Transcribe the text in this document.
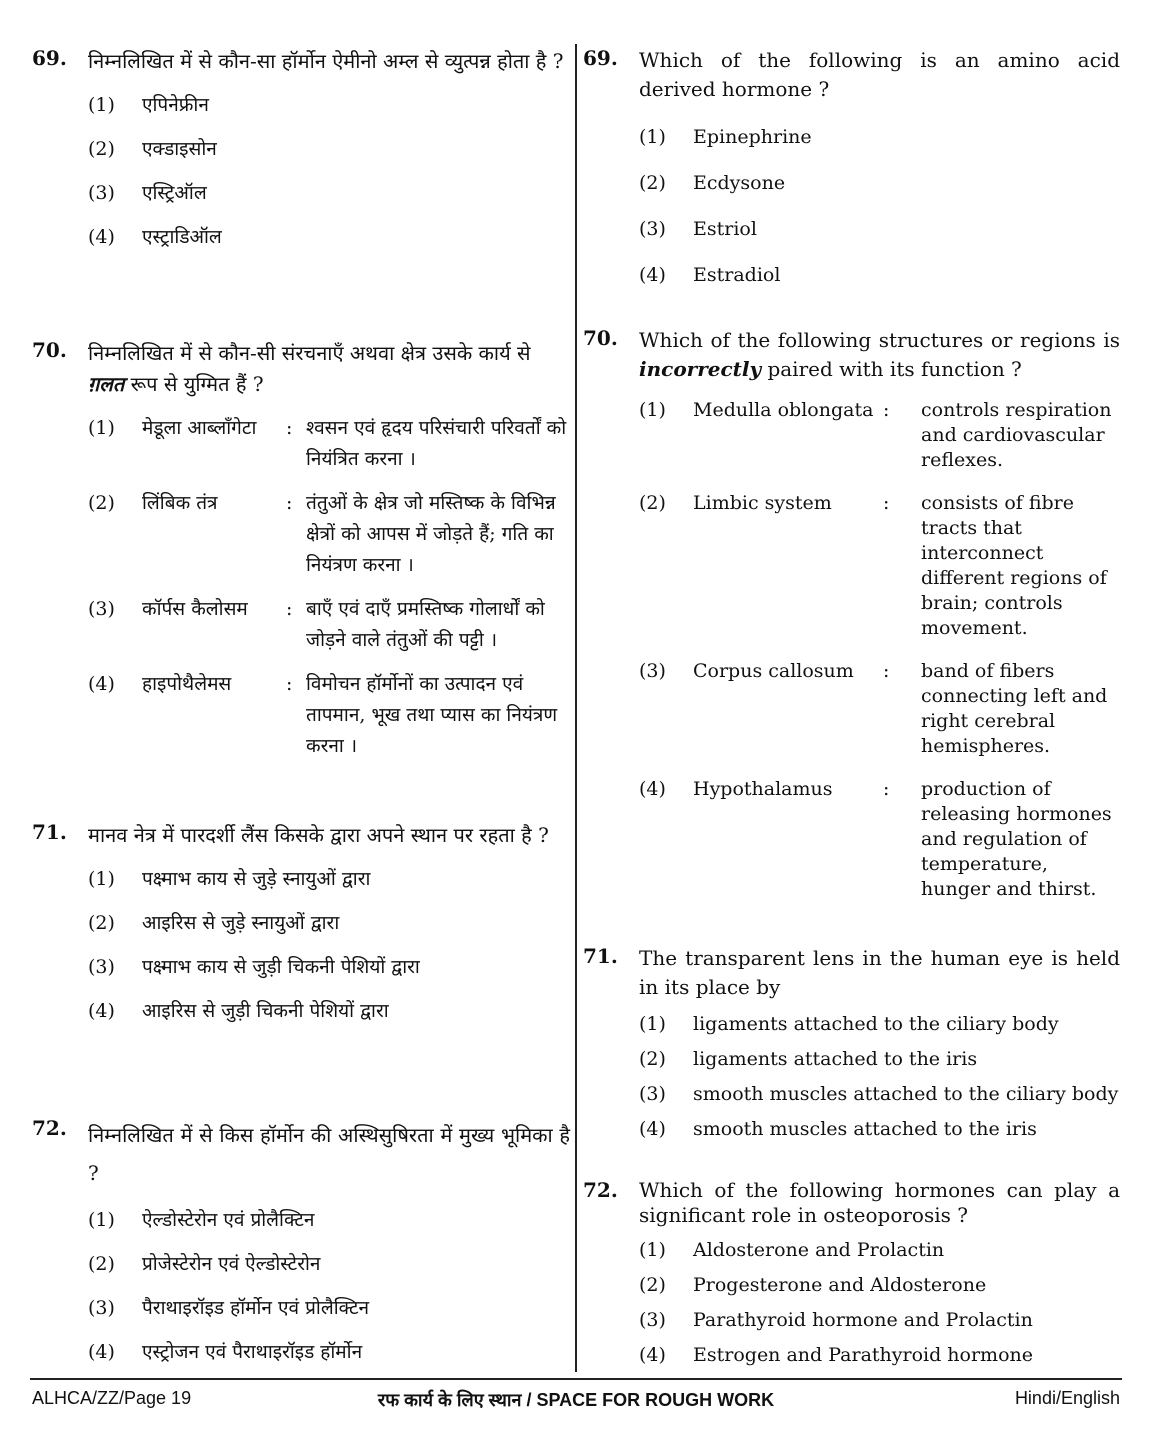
69. निम्नलिखित में से कौन-सा हॉर्मोन ऐमीनो अम्ल से व्युत्पन्न होता है ?
(1)	एपिनेफ्रीन
(2)	एक्डाइसोन
(3)	एस्ट्रिऑल
(4)	एस्ट्राडिऑल
70. निम्नलिखित में से कौन-सी संरचनाएँ अथवा क्षेत्र उसके कार्य से
ग़लत रूप से युग्मित हैं ?
(1)	मेडूला आब्लाँगेटा	: श्वसन एवं हृदय परिसंचारी परिवर्तों को नियंत्रित करना ।
(2)	लिंबिक तंत्र	: तंतुओं के क्षेत्र जो मस्तिष्क के विभिन्न क्षेत्रों को आपस में जोड़ते हैं; गति का नियंत्रण करना ।
(3)	कॉर्पस कैलोसम	: बाएँ एवं दाएँ प्रमस्तिष्क गोलार्धों को जोड़ने वाले तंतुओं की पट्टी ।
(4)	हाइपोथैलेमस	: विमोचन हॉर्मोनों का उत्पादन एवं तापमान, भूख तथा प्यास का नियंत्रण करना ।
71. मानव नेत्र में पारदर्शी लैंस किसके द्वारा अपने स्थान पर रहता है ?
(1)	पक्ष्माभ काय से जुड़े स्नायुओं द्वारा
(2)	आइरिस से जुड़े स्नायुओं द्वारा
(3)	पक्ष्माभ काय से जुड़ी चिकनी पेशियों द्वारा
(4)	आइरिस से जुड़ी चिकनी पेशियों द्वारा
72. निम्नलिखित में से किस हॉर्मोन की अस्थिसुषिरता में मुख्य भूमिका है ?
(1)	ऐल्डोस्टेरोन एवं प्रोलैक्टिन
(2)	प्रोजेस्टेरोन एवं ऐल्डोस्टेरोन
(3)	पैराथाइरॉइड हॉर्मोन एवं प्रोलैक्टिन
(4)	एस्ट्रोजन एवं पैराथाइरॉइड हॉर्मोन
69. Which of the following is an amino acid derived hormone ?
(1)	Epinephrine
(2)	Ecdysone
(3)	Estriol
(4)	Estradiol
70. Which of the following structures or regions is incorrectly paired with its function ?
(1)	Medulla oblongata :	controls respiration and cardiovascular reflexes.
(2)	Limbic system	:	consists of fibre tracts that interconnect different regions of brain; controls movement.
(3)	Corpus callosum	:	band of fibers connecting left and right cerebral hemispheres.
(4)	Hypothalamus	:	production of releasing hormones and regulation of temperature, hunger and thirst.
71. The transparent lens in the human eye is held in its place by
(1)	ligaments attached to the ciliary body
(2)	ligaments attached to the iris
(3)	smooth muscles attached to the ciliary body
(4)	smooth muscles attached to the iris
72. Which of the following hormones can play a significant role in osteoporosis ?
(1)	Aldosterone and Prolactin
(2)	Progesterone and Aldosterone
(3)	Parathyroid hormone and Prolactin
(4)	Estrogen and Parathyroid hormone
ALHCA/ZZ/Page 19	रफ कार्य के लिए स्थान / SPACE FOR ROUGH WORK	Hindi/English
